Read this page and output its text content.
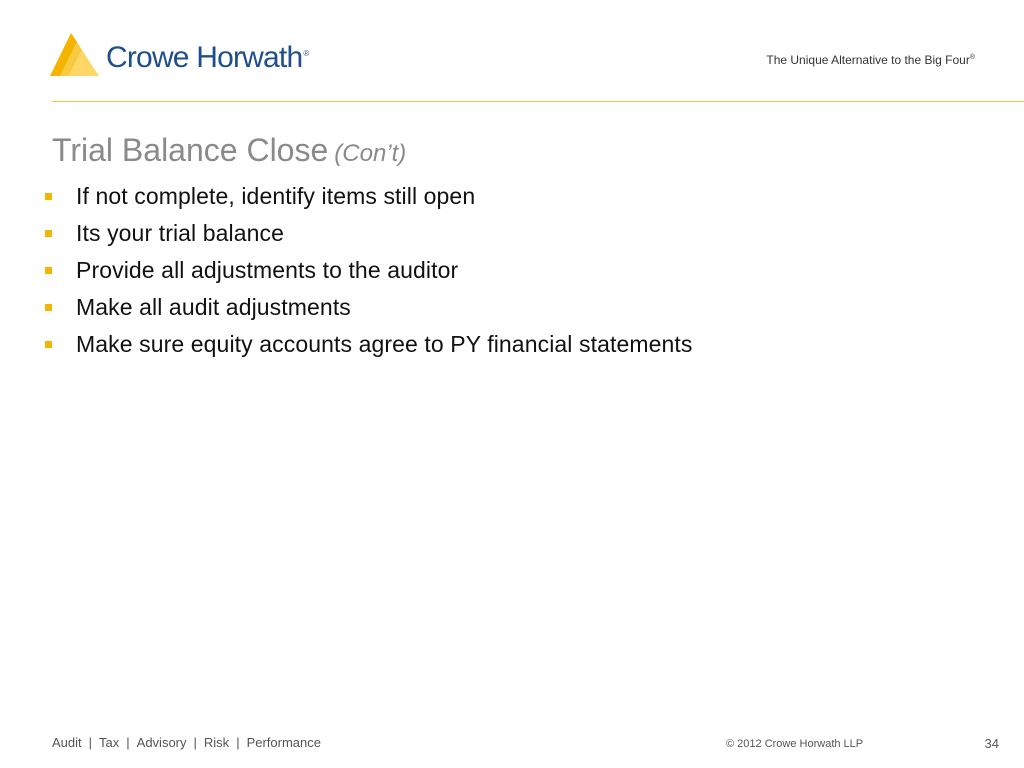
Crowe Horwath®	The Unique Alternative to the Big Four®
Trial Balance Close (Con’t)
If not complete, identify items still open
Its your trial balance
Provide all adjustments to the auditor
Make all audit adjustments
Make sure equity accounts agree to PY financial statements
Audit | Tax | Advisory | Risk | Performance	© 2012 Crowe Horwath LLP	34
